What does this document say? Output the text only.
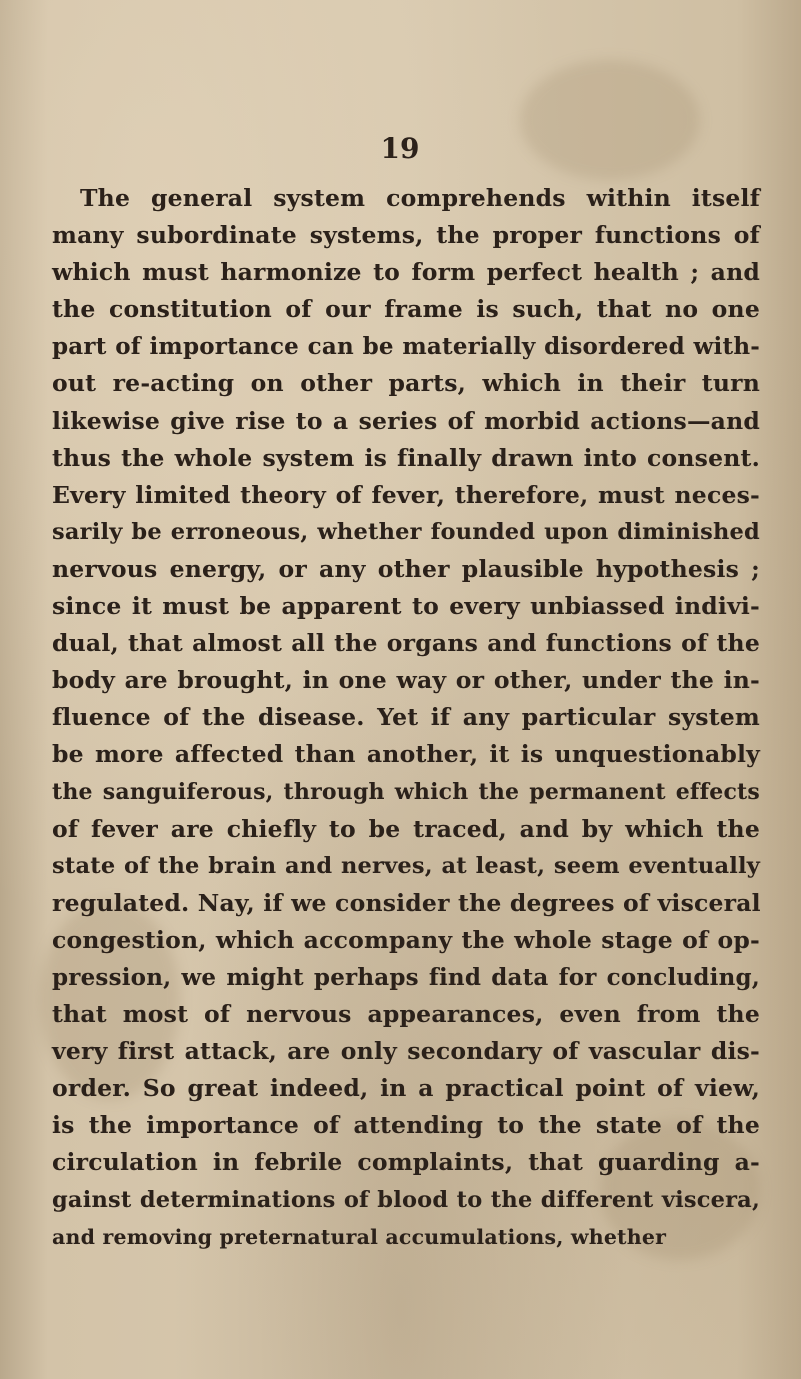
19

The general system comprehends within itself
many subordinate systems, the proper functions of
which must harmonize to form perfect health ; and
the constitution of our frame is such, that no one
part of importance can be materially disordered with-
out re-acting on other parts, which in their turn
likewise give rise to a series of morbid actions—and
thus the whole system is finally drawn into consent.
Every limited theory of fever, therefore, must neces-
sarily be erroneous, whether founded upon diminished
nervous energy, or any other plausible hypothesis ;
since it must be apparent to every unbiassed indivi-
dual, that almost all the organs and functions of the
body are brought, in one way or other, under the in-
fluence of the disease. Yet if any particular system
be more affected than another, it is unquestionably
the sanguiferous, through which the permanent effects
of fever are chiefly to be traced, and by which the
state of the brain and nerves, at least, seem eventually
regulated. Nay, if we consider the degrees of visceral
congestion, which accompany the whole stage of op-
pression, we might perhaps find data for concluding,
that most of nervous appearances, even from the
very first attack, are only secondary of vascular dis-
order. So great indeed, in a practical point of view,
is the importance of attending to the state of the
circulation in febrile complaints, that guarding a-
gainst determinations of blood to the different viscera,
and removing preternatural accumulations, whether
